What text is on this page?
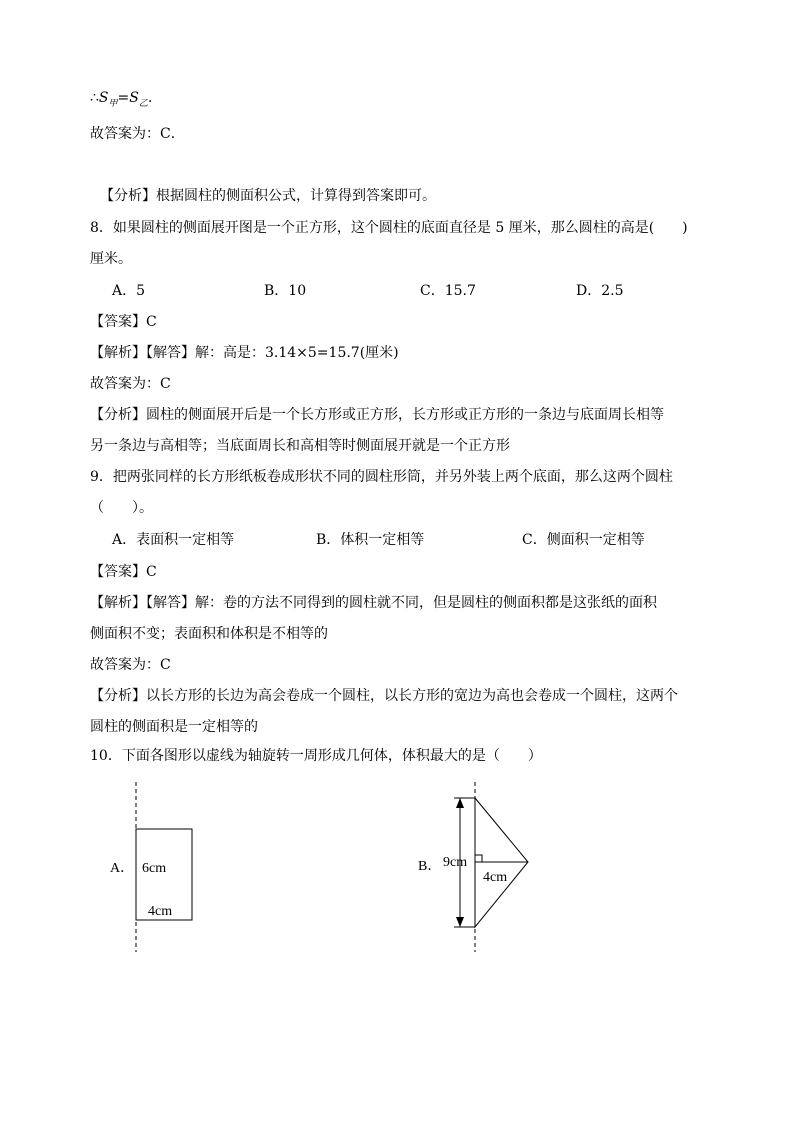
$\therefore S_甲=S_乙$.
故答案为：C．
【分析】根据圆柱的侧面积公式，计算得到答案即可。
8．如果圆柱的侧面展开图是一个正方形，这个圆柱的底面直径是 5 厘米，那么圆柱的高是(　　)
厘米。
A．5	B．10	C．15.7	D．2.5
【答案】C
【解析】【解答】解：高是：3.14×5=15.7(厘米)
故答案为：C
【分析】圆柱的侧面展开后是一个长方形或正方形，长方形或正方形的一条边与底面周长相等
另一条边与高相等；当底面周长和高相等时侧面展开就是一个正方形
9．把两张同样的长方形纸板卷成形状不同的圆柱形筒，并另外装上两个底面，那么这两个圆柱
（　　）。
A．表面积一定相等	B．体积一定相等	C．侧面积一定相等
【答案】C
【解析】【解答】解：卷的方法不同得到的圆柱就不同，但是圆柱的侧面积都是这张纸的面积
侧面积不变；表面积和体积是不相等的
故答案为：C
【分析】以长方形的长边为高会卷成一个圆柱，以长方形的宽边为高也会卷成一个圆柱，这两个
圆柱的侧面积是一定相等的
10．下面各图形以虚线为轴旋转一周形成几何体，体积最大的是（　　）
A． 6cm
4cm
B． 9cm
4cm
